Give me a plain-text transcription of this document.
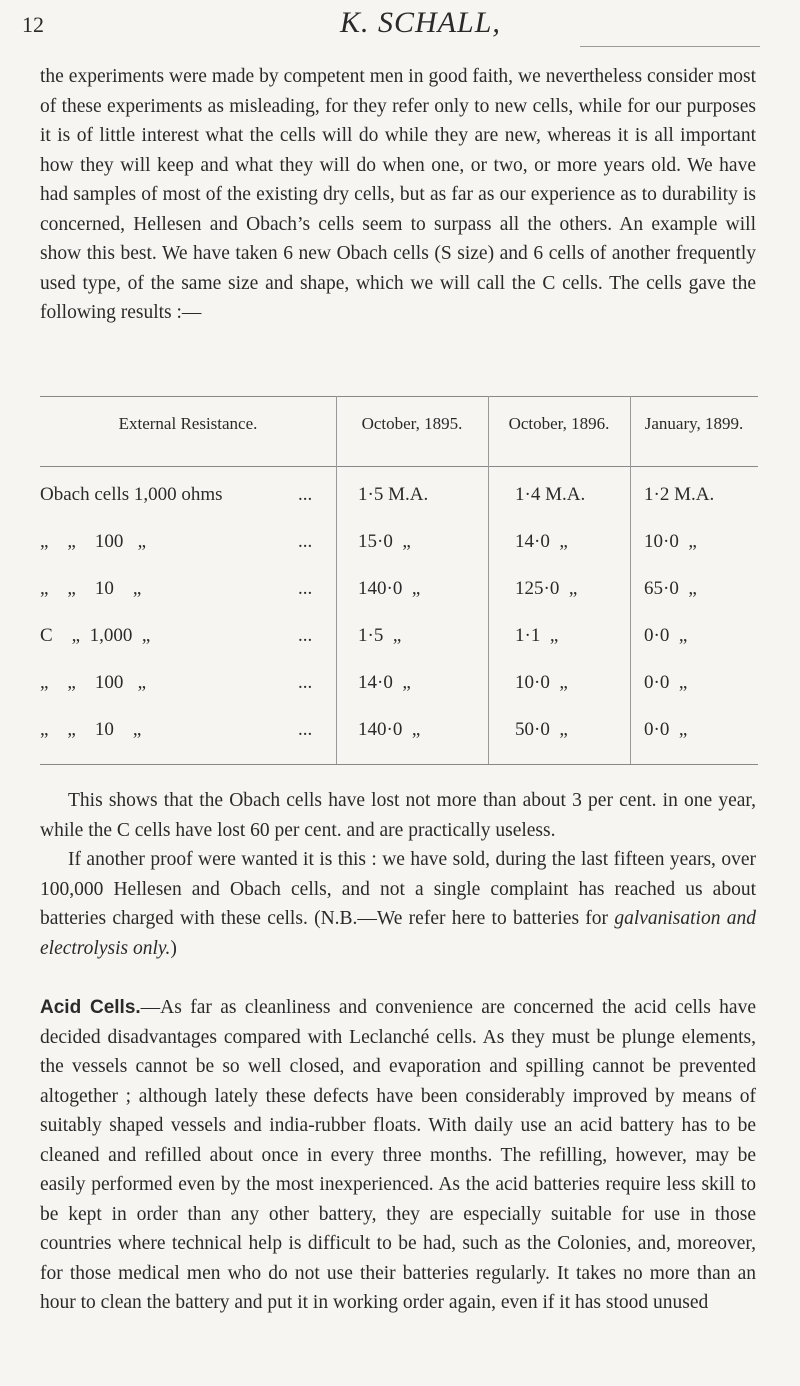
12	K. SCHALL,

the experiments were made by competent men in good faith, we nevertheless consider most of these experiments as misleading, for they refer only to new cells, while for our purposes it is of little interest what the cells will do while they are new, whereas it is all important how they will keep and what they will do when one, or two, or more years old. We have had samples of most of the existing dry cells, but as far as our experience as to durability is concerned, Hellesen and Obach’s cells seem to surpass all the others. An example will show this best. We have taken 6 new Obach cells (S size) and 6 cells of another frequently used type, of the same size and shape, which we will call the C cells. The cells gave the following results :—

External Resistance.	October, 1895.	October, 1896.	January, 1899.
Obach cells 1,000 ohms	... 1·5 M.A.	1·4 M.A.	1·2 M.A.
„    „    100   „	... 15·0  „	14·0  „	10·0  „
„    „    10    „	... 140·0  „	125·0  „	65·0  „
C    „  1,000  „	... 1·5  „	1·1  „	0·0  „
„    „    100   „	... 14·0  „	10·0  „	0·0  „
„    „    10    „	... 140·0  „	50·0  „	0·0  „

This shows that the Obach cells have lost not more than about 3 per cent. in one year, while the C cells have lost 60 per cent. and are practically useless.

If another proof were wanted it is this : we have sold, during the last fifteen years, over 100,000 Hellesen and Obach cells, and not a single complaint has reached us about batteries charged with these cells. (N.B.—We refer here to batteries for galvanisation and electrolysis only.)

Acid Cells.—As far as cleanliness and convenience are concerned the acid cells have decided disadvantages compared with Leclanché cells. As they must be plunge elements, the vessels cannot be so well closed, and evaporation and spilling cannot be prevented altogether ; although lately these defects have been considerably improved by means of suitably shaped vessels and india-rubber floats. With daily use an acid battery has to be cleaned and refilled about once in every three months. The refilling, however, may be easily performed even by the most inexperienced. As the acid batteries require less skill to be kept in order than any other battery, they are especially suitable for use in those countries where technical help is difficult to be had, such as the Colonies, and, moreover, for those medical men who do not use their batteries regularly. It takes no more than an hour to clean the battery and put it in working order again, even if it has stood unused
